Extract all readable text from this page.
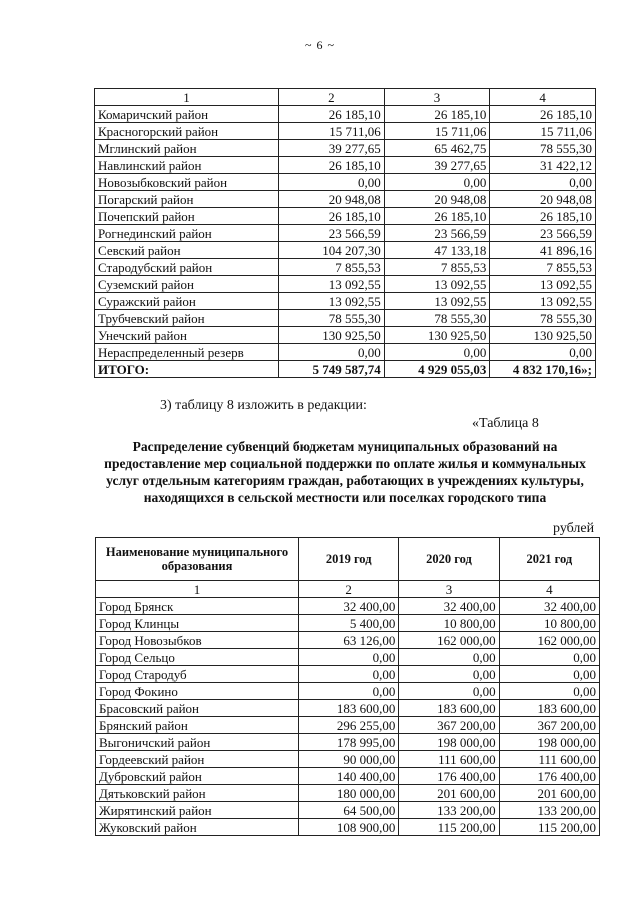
~ 6 ~
1	2	3	4
Комаричский район	26 185,10	26 185,10	26 185,10
Красногорский район	15 711,06	15 711,06	15 711,06
Мглинский район	39 277,65	65 462,75	78 555,30
Навлинский район	26 185,10	39 277,65	31 422,12
Новозыбковский район	0,00	0,00	0,00
Погарский район	20 948,08	20 948,08	20 948,08
Почепский район	26 185,10	26 185,10	26 185,10
Рогнединский район	23 566,59	23 566,59	23 566,59
Севский район	104 207,30	47 133,18	41 896,16
Стародубский район	7 855,53	7 855,53	7 855,53
Суземский район	13 092,55	13 092,55	13 092,55
Суражский район	13 092,55	13 092,55	13 092,55
Трубчевский район	78 555,30	78 555,30	78 555,30
Унечский район	130 925,50	130 925,50	130 925,50
Нераспределенный резерв	0,00	0,00	0,00
ИТОГО:	5 749 587,74	4 929 055,03	4 832 170,16»;
3) таблицу 8 изложить в редакции:
«Таблица 8
Распределение субвенций бюджетам муниципальных образований на предоставление мер социальной поддержки по оплате жилья и коммунальных услуг отдельным категориям граждан, работающих в учреждениях культуры, находящихся в сельской местности или поселках городского типа
рублей
Наименование муниципального образования	2019 год	2020 год	2021 год
1	2	3	4
Город Брянск	32 400,00	32 400,00	32 400,00
Город Клинцы	5 400,00	10 800,00	10 800,00
Город Новозыбков	63 126,00	162 000,00	162 000,00
Город Сельцо	0,00	0,00	0,00
Город Стародуб	0,00	0,00	0,00
Город Фокино	0,00	0,00	0,00
Брасовский район	183 600,00	183 600,00	183 600,00
Брянский район	296 255,00	367 200,00	367 200,00
Выгоничский район	178 995,00	198 000,00	198 000,00
Гордеевский район	90 000,00	111 600,00	111 600,00
Дубровский район	140 400,00	176 400,00	176 400,00
Дятьковский район	180 000,00	201 600,00	201 600,00
Жирятинский район	64 500,00	133 200,00	133 200,00
Жуковский район	108 900,00	115 200,00	115 200,00
